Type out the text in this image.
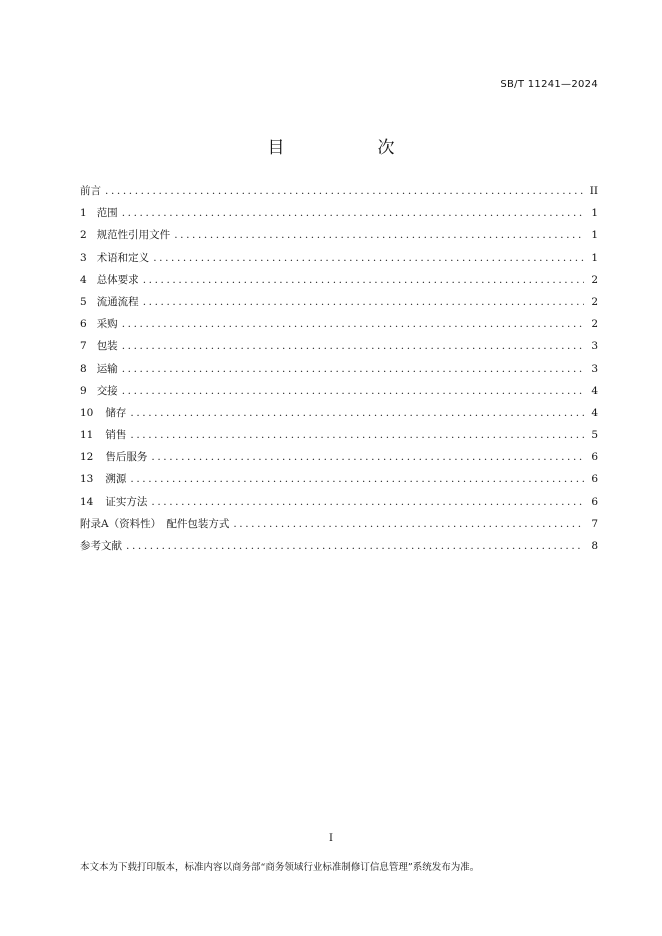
SB/T 11241—2024
目　次
前言 .....	II
1 范围 .....	1
2 规范性引用文件 .....	1
3 术语和定义 .....	1
4 总体要求 .....	2
5 流通流程 .....	2
6 采购 .....	2
7 包装 .....	3
8 运输 .....	3
9 交接 .....	4
10	储存 .....	4
11	销售 .....	5
12	售后服务 .....	6
13	溯源 .....	6
14	证实方法 .....	6
附录A（资料性）　配件包装方式 .....	7
参考文献 .....	8
I
本文本为下载打印版本，标准内容以商务部“商务领域行业标准制修订信息管理”系统发布为准。
